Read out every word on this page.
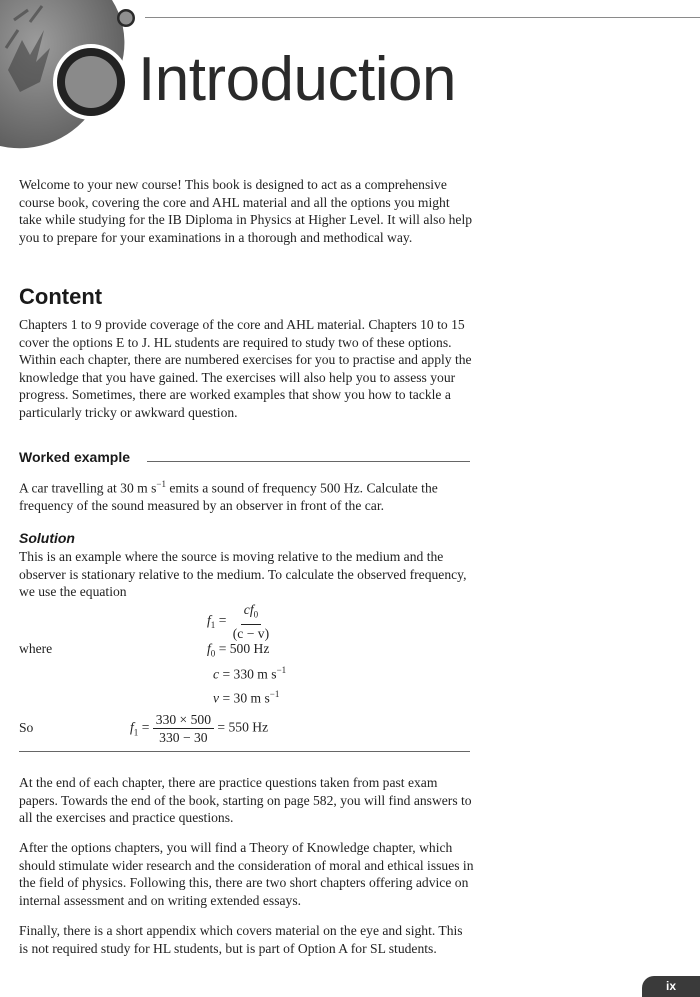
Introduction

Welcome to your new course! This book is designed to act as a comprehensive course book, covering the core and AHL material and all the options you might take while studying for the IB Diploma in Physics at Higher Level. It will also help you to prepare for your examinations in a thorough and methodical way.

Content

Chapters 1 to 9 provide coverage of the core and AHL material. Chapters 10 to 15 cover the options E to J. HL students are required to study two of these options. Within each chapter, there are numbered exercises for you to practise and apply the knowledge that you have gained. The exercises will also help you to assess your progress. Sometimes, there are worked examples that show you how to tackle a particularly tricky or awkward question.

Worked example

A car travelling at 30 m $s^{-1}$ emits a sound of frequency 500 Hz. Calculate the frequency of the sound measured by an observer in front of the car.

Solution

This is an example where the source is moving relative to the medium and the observer is stationary relative to the medium. To calculate the observed frequency, we use the equation

$f_1 = \frac{cf_0}{(c - v)}$
where	$f_0 = 500$ Hz
c = 330 m $s^{-1}$
v = 30 m $s^{-1}$
So	$f_1 = \frac{330 \times 500}{330 - 30} = 550$ Hz

At the end of each chapter, there are practice questions taken from past exam papers. Towards the end of the book, starting on page 582, you will find answers to all the exercises and practice questions.

After the options chapters, you will find a Theory of Knowledge chapter, which should stimulate wider research and the consideration of moral and ethical issues in the field of physics. Following this, there are two short chapters offering advice on internal assessment and on writing extended essays.

Finally, there is a short appendix which covers material on the eye and sight. This is not required study for HL students, but is part of Option A for SL students.

ix
